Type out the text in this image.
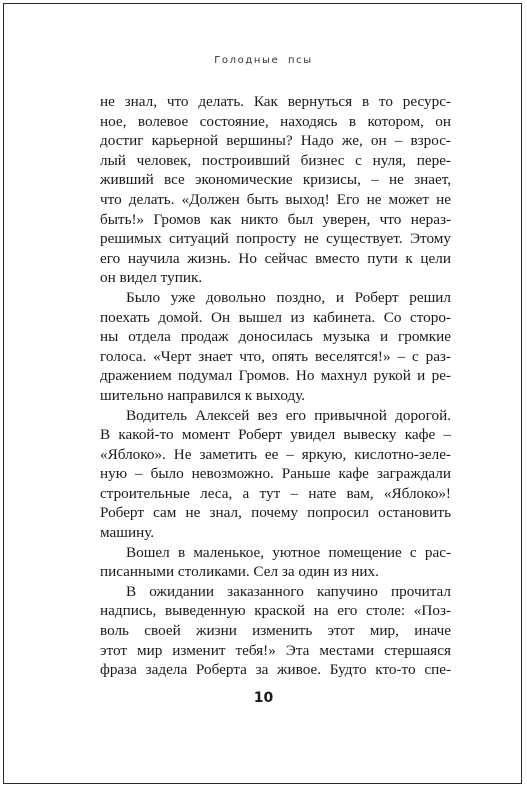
Голодные псы
не знал, что делать. Как вернуться в то ресурс-
ное, волевое состояние, находясь в котором, он
достиг карьерной вершины? Надо же, он – взрос-
лый человек, построивший бизнес с нуля, пере-
живший все экономические кризисы, – не знает,
что делать. «Должен быть выход! Его не может не
быть!» Громов как никто был уверен, что нераз-
решимых ситуаций попросту не существует. Этому
его научила жизнь. Но сейчас вместо пути к цели
он видел тупик.
Было уже довольно поздно, и Роберт решил
поехать домой. Он вышел из кабинета. Со сторо-
ны отдела продаж доносилась музыка и громкие
голоса. «Черт знает что, опять веселятся!» – с раз-
дражением подумал Громов. Но махнул рукой и ре-
шительно направился к выходу.
Водитель Алексей вез его привычной дорогой.
В какой-то момент Роберт увидел вывеску кафе –
«Яблоко». Не заметить ее – яркую, кислотно-зеле-
ную – было невозможно. Раньше кафе заграждали
строительные леса, а тут – нате вам, «Яблоко»!
Роберт сам не знал, почему попросил остановить
машину.
Вошел в маленькое, уютное помещение с рас-
писанными столиками. Сел за один из них.
В ожидании заказанного капучино прочитал
надпись, выведенную краской на его столе: «Поз-
воль своей жизни изменить этот мир, иначе
этот мир изменит тебя!» Эта местами стершаяся
фраза задела Роберта за живое. Будто кто-то спе-
10
